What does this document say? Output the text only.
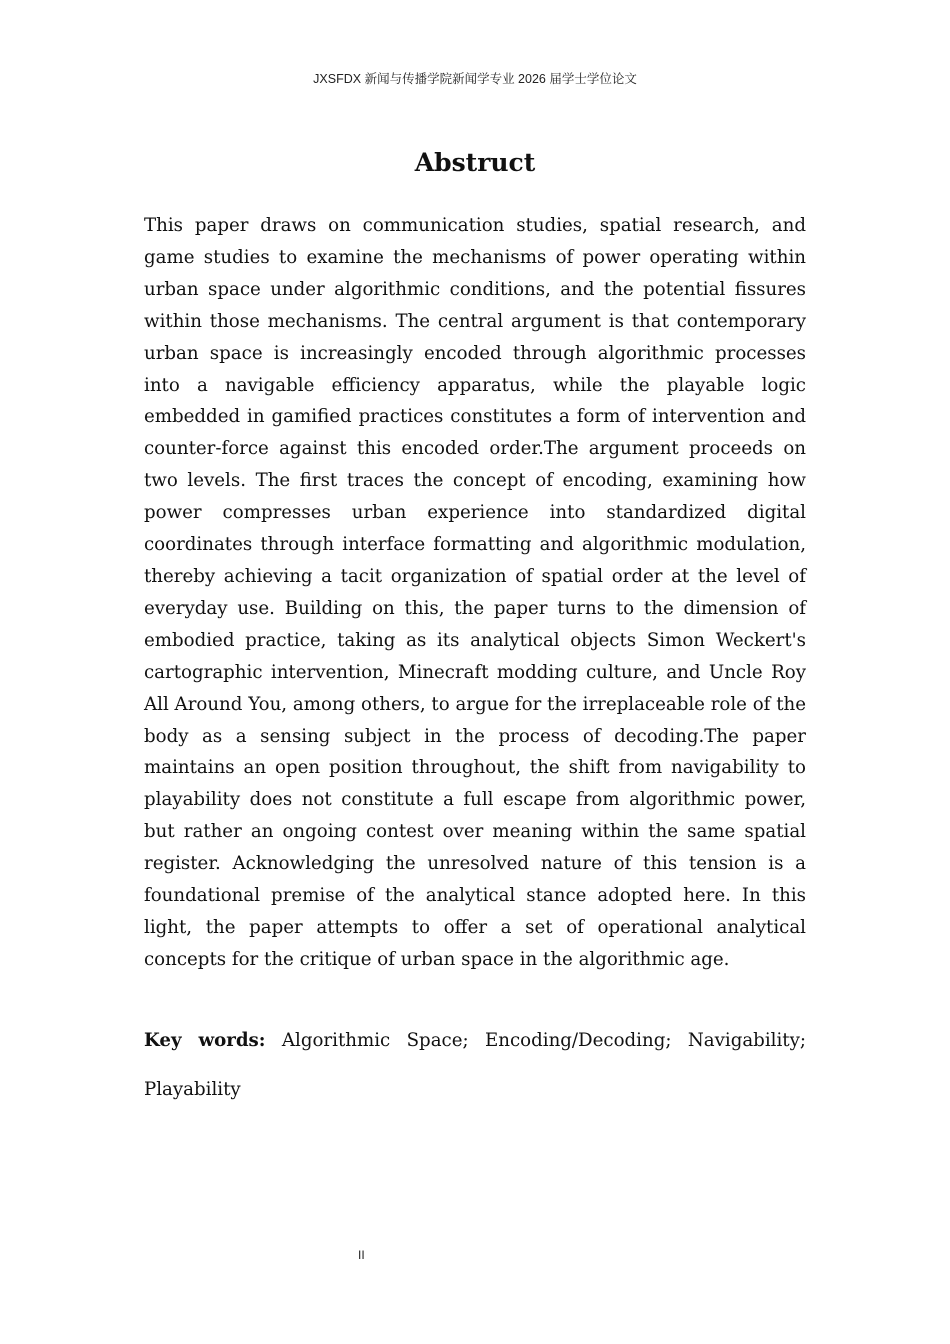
JXSFDX 新闻与传播学院新闻学专业 2026 届学士学位论文
Abstruct
This paper draws on communication studies, spatial research, and game studies to examine the mechanisms of power operating within urban space under algorithmic conditions, and the potential fissures within those mechanisms. The central argument is that contemporary urban space is increasingly encoded through algorithmic processes into a navigable efficiency apparatus, while the playable logic embedded in gamified practices constitutes a form of intervention and counter-force against this encoded order.The argument proceeds on two levels. The first traces the concept of encoding, examining how power compresses urban experience into standardized digital coordinates through interface formatting and algorithmic modulation, thereby achieving a tacit organization of spatial order at the level of everyday use. Building on this, the paper turns to the dimension of embodied practice, taking as its analytical objects Simon Weckert's cartographic intervention, Minecraft modding culture, and Uncle Roy All Around You, among others, to argue for the irreplaceable role of the body as a sensing subject in the process of decoding.The paper maintains an open position throughout, the shift from navigability to playability does not constitute a full escape from algorithmic power, but rather an ongoing contest over meaning within the same spatial register. Acknowledging the unresolved nature of this tension is a foundational premise of the analytical stance adopted here. In this light, the paper attempts to offer a set of operational analytical concepts for the critique of urban space in the algorithmic age.
Key words: Algorithmic Space; Encoding/Decoding; Navigability; Playability
II
